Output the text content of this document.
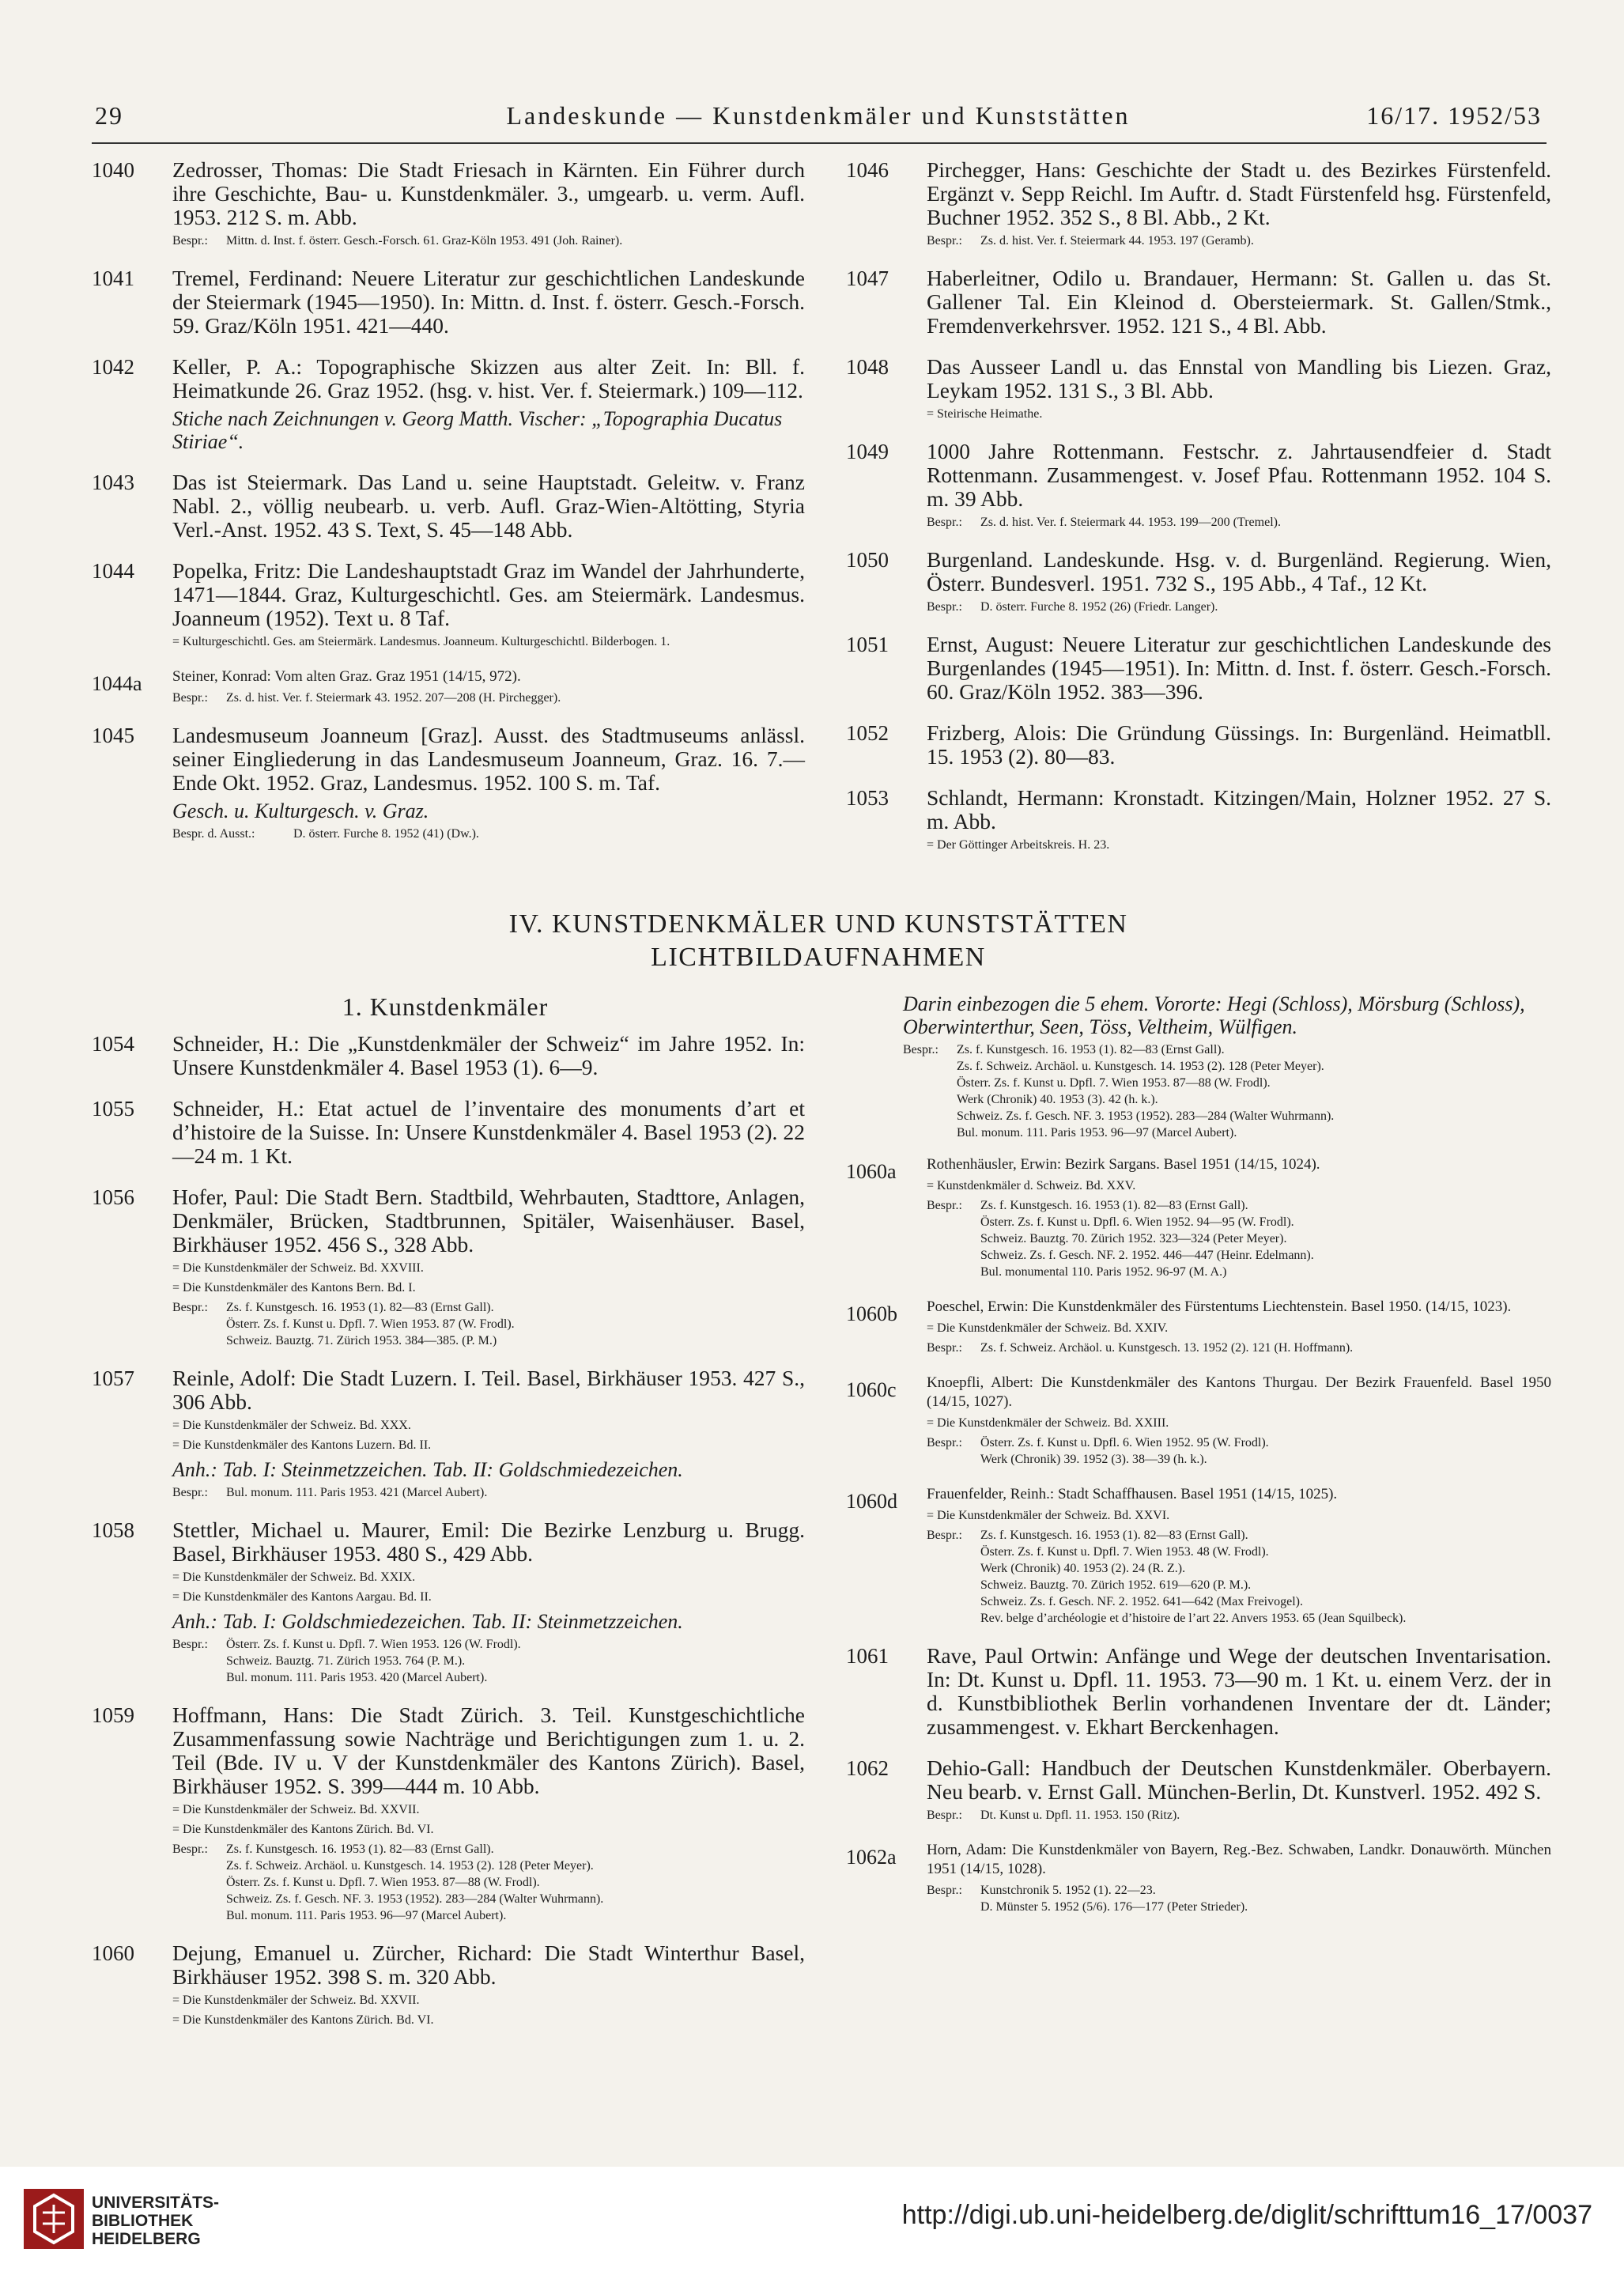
29	Landeskunde — Kunstdenkmäler und Kunststätten	16/17. 1952/53
1040 Zedrosser, Thomas: Die Stadt Friesach in Kärnten. Ein Führer durch ihre Geschichte, Bau- u. Kunstdenkmäler. 3., umgearb. u. verm. Aufl. 1953. 212 S. m. Abb.
Bespr.:	Mittn. d. Inst. f. österr. Gesch.-Forsch. 61. Graz-Köln 1953. 491 (Joh. Rainer).
1041 Tremel, Ferdinand: Neuere Literatur zur geschichtlichen Landeskunde der Steiermark (1945—1950). In: Mittn. d. Inst. f. österr. Gesch.-Forsch. 59. Graz/Köln 1951. 421—440.
1042 Keller, P. A.: Topographische Skizzen aus alter Zeit. In: Bll. f. Heimatkunde 26. Graz 1952. (hsg. v. hist. Ver. f. Steiermark.) 109—112.
Stiche nach Zeichnungen v. Georg Matth. Vischer: „Topographia Ducatus Stiriae“.
1043 Das ist Steiermark. Das Land u. seine Hauptstadt. Geleitw. v. Franz Nabl. 2., völlig neubearb. u. verb. Aufl. Graz-Wien-Altötting, Styria Verl.-Anst. 1952. 43 S. Text, S. 45—148 Abb.
1044 Popelka, Fritz: Die Landeshauptstadt Graz im Wandel der Jahrhunderte, 1471—1844. Graz, Kulturgeschichtl. Ges. am Steiermärk. Landesmus. Joanneum (1952). Text u. 8 Taf.
= Kulturgeschichtl. Ges. am Steiermärk. Landesmus. Joanneum. Kulturgeschichtl. Bilderbogen. 1.
1044a Steiner, Konrad: Vom alten Graz. Graz 1951 (14/15, 972).
Bespr.:	Zs. d. hist. Ver. f. Steiermark 43. 1952. 207—208 (H. Pirchegger).
1045 Landesmuseum Joanneum [Graz]. Ausst. des Stadtmuseums anlässl. seiner Eingliederung in das Landesmuseum Joanneum, Graz. 16. 7.—Ende Okt. 1952. Graz, Landesmus. 1952. 100 S. m. Taf.
Gesch. u. Kulturgesch. v. Graz.
Bespr. d. Ausst.:	D. österr. Furche 8. 1952 (41) (Dw.).
1046 Pirchegger, Hans: Geschichte der Stadt u. des Bezirkes Fürstenfeld. Ergänzt v. Sepp Reichl. Im Auftr. d. Stadt Fürstenfeld hsg. Fürstenfeld, Buchner 1952. 352 S., 8 Bl. Abb., 2 Kt.
Bespr.:	Zs. d. hist. Ver. f. Steiermark 44. 1953. 197 (Geramb).
1047 Haberleitner, Odilo u. Brandauer, Hermann: St. Gallen u. das St. Gallener Tal. Ein Kleinod d. Obersteiermark. St. Gallen/Stmk., Fremdenverkehrsver. 1952. 121 S., 4 Bl. Abb.
1048 Das Ausseer Landl u. das Ennstal von Mandling bis Liezen. Graz, Leykam 1952. 131 S., 3 Bl. Abb.
= Steirische Heimathe.
1049 1000 Jahre Rottenmann. Festschr. z. Jahrtausendfeier d. Stadt Rottenmann. Zusammengest. v. Josef Pfau. Rottenmann 1952. 104 S. m. 39 Abb.
Bespr.:	Zs. d. hist. Ver. f. Steiermark 44. 1953. 199—200 (Tremel).
1050 Burgenland. Landeskunde. Hsg. v. d. Burgenländ. Regierung. Wien, Österr. Bundesverl. 1951. 732 S., 195 Abb., 4 Taf., 12 Kt.
Bespr.:	D. österr. Furche 8. 1952 (26) (Friedr. Langer).
1051 Ernst, August: Neuere Literatur zur geschichtlichen Landeskunde des Burgenlandes (1945—1951). In: Mittn. d. Inst. f. österr. Gesch.-Forsch. 60. Graz/Köln 1952. 383—396.
1052 Frizberg, Alois: Die Gründung Güssings. In: Burgenländ. Heimatbll. 15. 1953 (2). 80—83.
1053 Schlandt, Hermann: Kronstadt. Kitzingen/Main, Holzner 1952. 27 S. m. Abb.
= Der Göttinger Arbeitskreis. H. 23.
IV. KUNSTDENKMÄLER UND KUNSTSTÄTTEN
LICHTBILDAUFNAHMEN
1. Kunstdenkmäler
1054 Schneider, H.: Die „Kunstdenkmäler der Schweiz“ im Jahre 1952. In: Unsere Kunstdenkmäler 4. Basel 1953 (1). 6—9.
1055 Schneider, H.: Etat actuel de l’inventaire des monuments d’art et d’histoire de la Suisse. In: Unsere Kunstdenkmäler 4. Basel 1953 (2). 22—24 m. 1 Kt.
1056 Hofer, Paul: Die Stadt Bern. Stadtbild, Wehrbauten, Stadttore, Anlagen, Denkmäler, Brücken, Stadtbrunnen, Spitäler, Waisenhäuser. Basel, Birkhäuser 1952. 456 S., 328 Abb.
= Die Kunstdenkmäler der Schweiz. Bd. XXVIII.
= Die Kunstdenkmäler des Kantons Bern. Bd. I.
Bespr.:	Zs. f. Kunstgesch. 16. 1953 (1). 82—83 (Ernst Gall).
Österr. Zs. f. Kunst u. Dpfl. 7. Wien 1953. 87 (W. Frodl).
Schweiz. Bauztg. 71. Zürich 1953. 384—385. (P. M.)
1057 Reinle, Adolf: Die Stadt Luzern. I. Teil. Basel, Birkhäuser 1953. 427 S., 306 Abb.
= Die Kunstdenkmäler der Schweiz. Bd. XXX.
= Die Kunstdenkmäler des Kantons Luzern. Bd. II.
Anh.: Tab. I: Steinmetzzeichen. Tab. II: Goldschmiedezeichen.
Bespr.:	Bul. monum. 111. Paris 1953. 421 (Marcel Aubert).
1058 Stettler, Michael u. Maurer, Emil: Die Bezirke Lenzburg u. Brugg. Basel, Birkhäuser 1953. 480 S., 429 Abb.
= Die Kunstdenkmäler der Schweiz. Bd. XXIX.
= Die Kunstdenkmäler des Kantons Aargau. Bd. II.
Anh.: Tab. I: Goldschmiedezeichen. Tab. II: Steinmetzzeichen.
Bespr.:	Österr. Zs. f. Kunst u. Dpfl. 7. Wien 1953. 126 (W. Frodl).
Schweiz. Bauztg. 71. Zürich 1953. 764 (P. M.).
Bul. monum. 111. Paris 1953. 420 (Marcel Aubert).
1059 Hoffmann, Hans: Die Stadt Zürich. 3. Teil. Kunstgeschichtliche Zusammenfassung sowie Nachträge und Berichtigungen zum 1. u. 2. Teil (Bde. IV u. V der Kunstdenkmäler des Kantons Zürich). Basel, Birkhäuser 1952. S. 399—444 m. 10 Abb.
= Die Kunstdenkmäler der Schweiz. Bd. XXVII.
= Die Kunstdenkmäler des Kantons Zürich. Bd. VI.
Bespr.:	Zs. f. Kunstgesch. 16. 1953 (1). 82—83 (Ernst Gall).
Zs. f. Schweiz. Archäol. u. Kunstgesch. 14. 1953 (2). 128 (Peter Meyer).
Österr. Zs. f. Kunst u. Dpfl. 7. Wien 1953. 87—88 (W. Frodl).
Schweiz. Zs. f. Gesch. NF. 3. 1953 (1952). 283—284 (Walter Wuhrmann).
Bul. monum. 111. Paris 1953. 96—97 (Marcel Aubert).
1060 Dejung, Emanuel u. Zürcher, Richard: Die Stadt Winterthur Basel, Birkhäuser 1952. 398 S. m. 320 Abb.
= Die Kunstdenkmäler der Schweiz. Bd. XXVII.
= Die Kunstdenkmäler des Kantons Zürich. Bd. VI.
Darin einbezogen die 5 ehem. Vororte: Hegi (Schloss), Mörsburg (Schloss), Oberwinterthur, Seen, Töss, Veltheim, Wülfigen.
Bespr.:	Zs. f. Kunstgesch. 16. 1953 (1). 82—83 (Ernst Gall).
Zs. f. Schweiz. Archäol. u. Kunstgesch. 14. 1953 (2). 128 (Peter Meyer).
Österr. Zs. f. Kunst u. Dpfl. 7. Wien 1953. 87—88 (W. Frodl).
Werk (Chronik) 40. 1953 (3). 42 (h. k.).
Schweiz. Zs. f. Gesch. NF. 3. 1953 (1952). 283—284 (Walter Wuhrmann).
Bul. monum. 111. Paris 1953. 96—97 (Marcel Aubert).
1060a Rothenhäusler, Erwin: Bezirk Sargans. Basel 1951 (14/15, 1024).
= Kunstdenkmäler d. Schweiz. Bd. XXV.
Bespr.:	Zs. f. Kunstgesch. 16. 1953 (1). 82—83 (Ernst Gall).
Österr. Zs. f. Kunst u. Dpfl. 6. Wien 1952. 94—95 (W. Frodl).
Schweiz. Bauztg. 70. Zürich 1952. 323—324 (Peter Meyer).
Schweiz. Zs. f. Gesch. NF. 2. 1952. 446—447 (Heinr. Edelmann).
Bul. monumental 110. Paris 1952. 96-97 (M. A.)
1060b Poeschel, Erwin: Die Kunstdenkmäler des Fürstentums Liechtenstein. Basel 1950. (14/15, 1023).
= Die Kunstdenkmäler der Schweiz. Bd. XXIV.
Bespr.:	Zs. f. Schweiz. Archäol. u. Kunstgesch. 13. 1952 (2). 121 (H. Hoffmann).
1060c Knoepfli, Albert: Die Kunstdenkmäler des Kantons Thurgau. Der Bezirk Frauenfeld. Basel 1950 (14/15, 1027).
= Die Kunstdenkmäler der Schweiz. Bd. XXIII.
Bespr.:	Österr. Zs. f. Kunst u. Dpfl. 6. Wien 1952. 95 (W. Frodl).
Werk (Chronik) 39. 1952 (3). 38—39 (h. k.).
1060d Frauenfelder, Reinh.: Stadt Schaffhausen. Basel 1951 (14/15, 1025).
= Die Kunstdenkmäler der Schweiz. Bd. XXVI.
Bespr.:	Zs. f. Kunstgesch. 16. 1953 (1). 82—83 (Ernst Gall).
Österr. Zs. f. Kunst u. Dpfl. 7. Wien 1953. 48 (W. Frodl).
Werk (Chronik) 40. 1953 (2). 24 (R. Z.).
Schweiz. Bauztg. 70. Zürich 1952. 619—620 (P. M.).
Schweiz. Zs. f. Gesch. NF. 2. 1952. 641—642 (Max Freivogel).
Rev. belge d’archéologie et d’histoire de l’art 22. Anvers 1953. 65 (Jean Squilbeck).
1061 Rave, Paul Ortwin: Anfänge und Wege der deutschen Inventarisation. In: Dt. Kunst u. Dpfl. 11. 1953. 73—90 m. 1 Kt. u. einem Verz. der in d. Kunstbibliothek Berlin vorhandenen Inventare der dt. Länder; zusammengest. v. Ekhart Berckenhagen.
1062 Dehio-Gall: Handbuch der Deutschen Kunstdenkmäler. Oberbayern. Neu bearb. v. Ernst Gall. München-Berlin, Dt. Kunstverl. 1952. 492 S.
Bespr.:	Dt. Kunst u. Dpfl. 11. 1953. 150 (Ritz).
1062a Horn, Adam: Die Kunstdenkmäler von Bayern, Reg.-Bez. Schwaben, Landkr. Donauwörth. München 1951 (14/15, 1028).
Bespr.:	Kunstchronik 5. 1952 (1). 22—23.
D. Münster 5. 1952 (5/6). 176—177 (Peter Strieder).
UNIVERSITÄTS-
BIBLIOTHEK
HEIDELBERG
http://digi.ub.uni-heidelberg.de/diglit/schrifttum16_17/0037
